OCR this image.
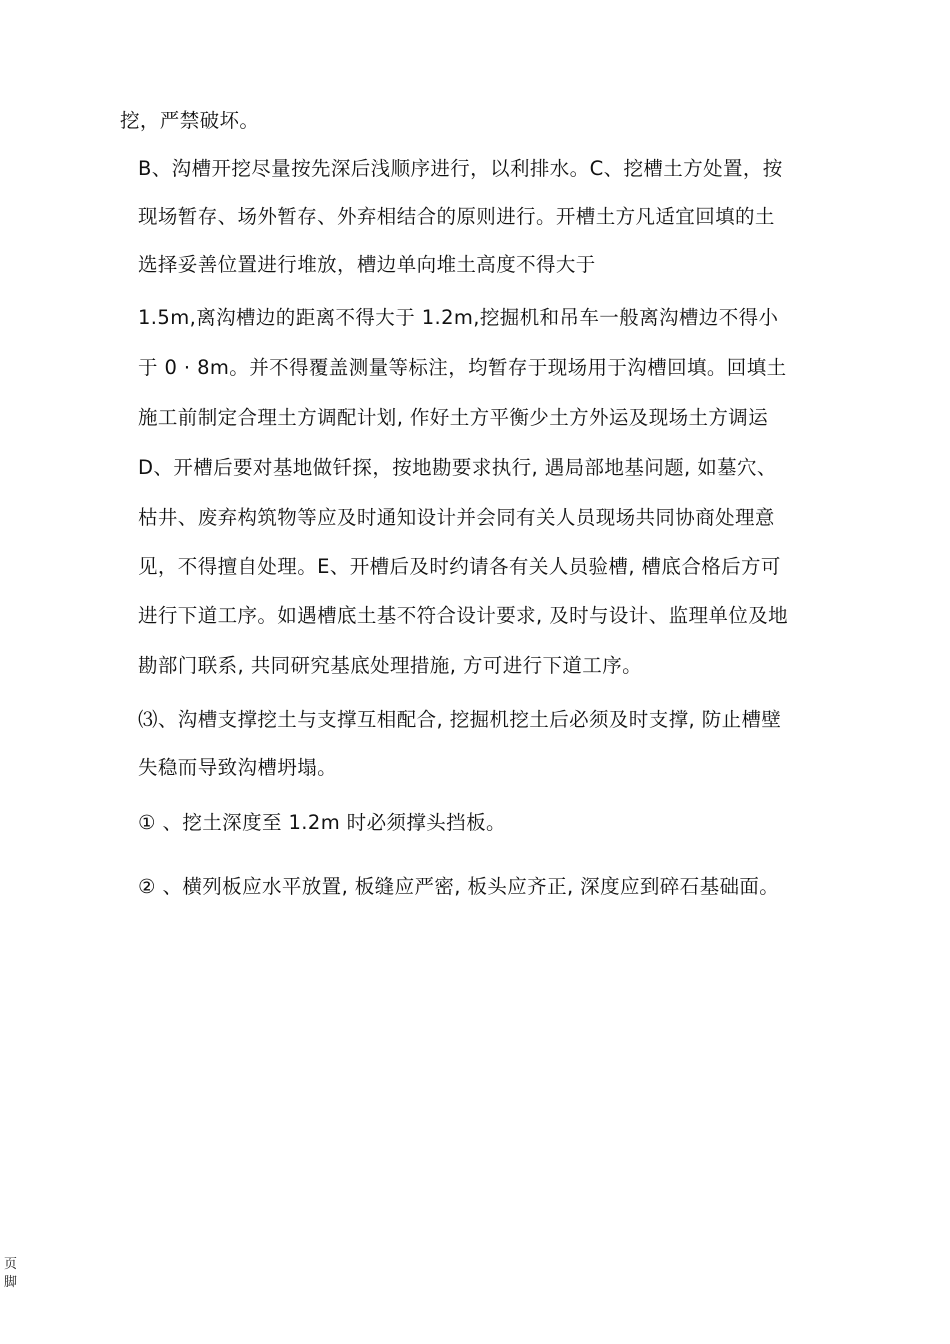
挖，严禁破坏。
B、沟槽开挖尽量按先深后浅顺序进行，以利排水。C、挖槽土方处置，按
现场暂存、场外暂存、外弃相结合的原则进行。开槽土方凡适宜回填的土
选择妥善位置进行堆放，槽边单向堆土高度不得大于
1.5m,离沟槽边的距离不得大于 1.2m,挖掘机和吊车一般离沟槽边不得小
于 0 · 8m。并不得覆盖测量等标注，均暂存于现场用于沟槽回填。回填土
施工前制定合理土方调配计划, 作好土方平衡少土方外运及现场土方调运
D、开槽后要对基地做钎探，按地勘要求执行, 遇局部地基问题, 如墓穴、
枯井、废弃构筑物等应及时通知设计并会同有关人员现场共同协商处理意
见，不得擅自处理。E、开槽后及时约请各有关人员验槽, 槽底合格后方可
进行下道工序。如遇槽底土基不符合设计要求, 及时与设计、监理单位及地
勘部门联系, 共同研究基底处理措施, 方可进行下道工序。
⑶、沟槽支撑挖土与支撑互相配合, 挖掘机挖土后必须及时支撑, 防止槽壁
失稳而导致沟槽坍塌。
① 、挖土深度至 1.2m 时必须撑头挡板。
② 、横列板应水平放置, 板缝应严密, 板头应齐正, 深度应到碎石基础面。
页脚
